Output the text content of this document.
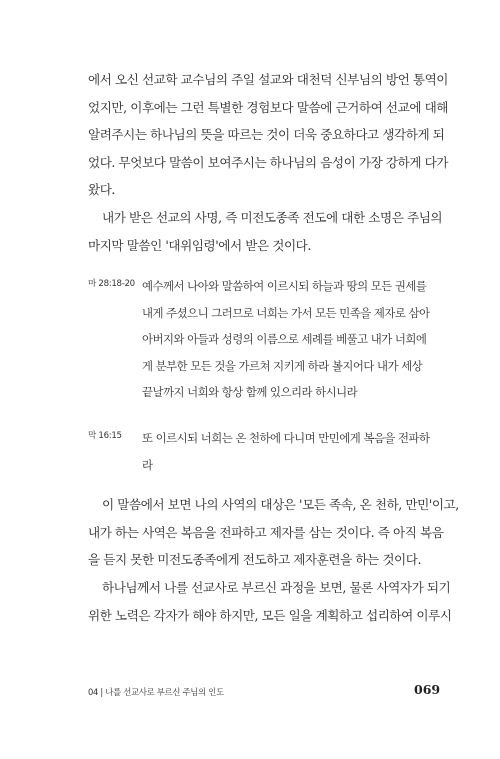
에서 오신 선교학 교수님의 주일 설교와 대천덕 신부님의 방언 통역이
었지만, 이후에는 그런 특별한 경험보다 말씀에 근거하여 선교에 대해
알려주시는 하나님의 뜻을 따르는 것이 더욱 중요하다고 생각하게 되
었다. 무엇보다 말씀이 보여주시는 하나님의 음성이 가장 강하게 다가
왔다.
내가 받은 선교의 사명, 즉 미전도종족 전도에 대한 소명은 주님의
마지막 말씀인 '대위임령'에서 받은 것이다.
마 28:18-20 예수께서 나아와 말씀하여 이르시되 하늘과 땅의 모든 권세를
내게 주셨으니 그러므로 너희는 가서 모든 민족을 제자로 삼아
아버지와 아들과 성령의 이름으로 세례를 베풀고 내가 너희에
게 분부한 모든 것을 가르쳐 지키게 하라 볼지어다 내가 세상
끝날까지 너희와 항상 함께 있으리라 하시니라
막 16:15 또 이르시되 너희는 온 천하에 다니며 만민에게 복음을 전파하
라
이 말씀에서 보면 나의 사역의 대상은 '모든 족속, 온 천하, 만민'이고,
내가 하는 사역은 복음을 전파하고 제자를 삼는 것이다. 즉 아직 복음
을 듣지 못한 미전도종족에게 전도하고 제자훈련을 하는 것이다.
하나님께서 나를 선교사로 부르신 과정을 보면, 물론 사역자가 되기
위한 노력은 각자가 해야 하지만, 모든 일을 계획하고 섭리하여 이루시
04 | 나를 선교사로 부르신 주님의 인도	069
